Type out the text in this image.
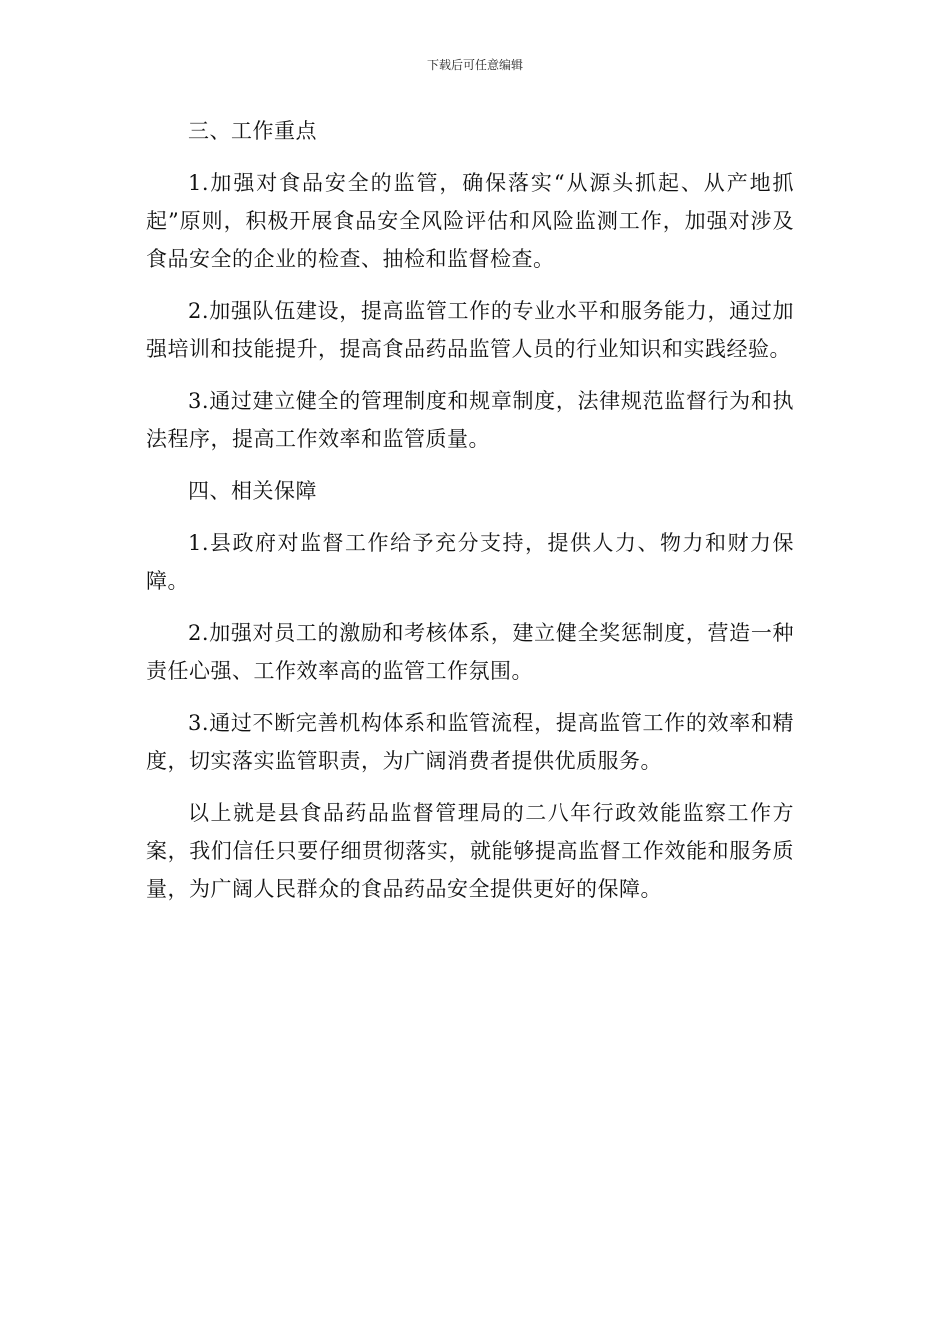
下载后可任意编辑

三、工作重点

1.加强对食品安全的监管，确保落实“从源头抓起、从产地抓起”原则，积极开展食品安全风险评估和风险监测工作，加强对涉及食品安全的企业的检查、抽检和监督检查。

2.加强队伍建设，提高监管工作的专业水平和服务能力，通过加强培训和技能提升，提高食品药品监管人员的行业知识和实践经验。

3.通过建立健全的管理制度和规章制度，法律规范监督行为和执法程序，提高工作效率和监管质量。

四、相关保障

1.县政府对监督工作给予充分支持，提供人力、物力和财力保障。

2.加强对员工的激励和考核体系，建立健全奖惩制度，营造一种责任心强、工作效率高的监管工作氛围。

3.通过不断完善机构体系和监管流程，提高监管工作的效率和精度，切实落实监管职责，为广阔消费者提供优质服务。

以上就是县食品药品监督管理局的二八年行政效能监察工作方案，我们信任只要仔细贯彻落实，就能够提高监督工作效能和服务质量，为广阔人民群众的食品药品安全提供更好的保障。
